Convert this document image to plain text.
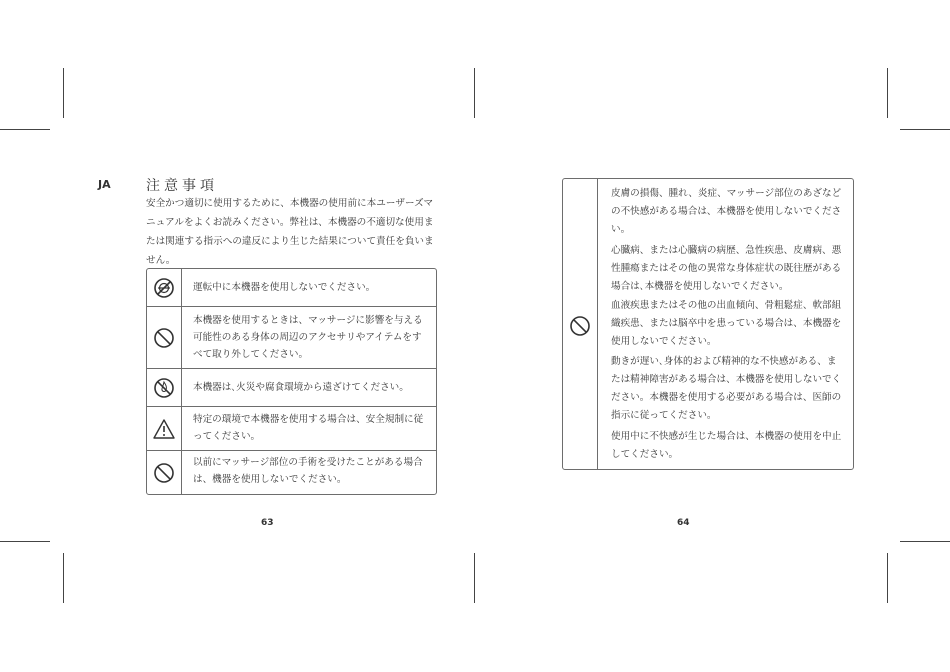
JA	注意事項
安全かつ適切に使用するために、本機器の使用前に本ユーザーズマニュアルをよくお読みください。弊社は、本機器の不適切な使用または関連する指示への違反により生じた結果について責任を負いません。
運転中に本機器を使用しないでください。
本機器を使用するときは、マッサージに影響を与える可能性のある身体の周辺のアクセサリやアイテムをすべて取り外してください。
本機器は､火災や腐食環境から遠ざけてください。
特定の環境で本機器を使用する場合は、安全規制に従ってください。
以前にマッサージ部位の手術を受けたことがある場合は、機器を使用しないでください。
63
皮膚の損傷、腫れ、炎症、マッサージ部位のあざなどの不快感がある場合は、本機器を使用しないでください。
心臓病、または心臓病の病歴、急性疾患、皮膚病、悪性腫瘍またはその他の異常な身体症状の既往歴がある場合は､本機器を使用しないでください。
血液疾患またはその他の出血傾向、骨粗鬆症、軟部組織疾患、または脳卒中を患っている場合は、本機器を使用しないでください。
動きが遅い､身体的および精神的な不快感がある、または精神障害がある場合は、本機器を使用しないでください。本機器を使用する必要がある場合は、医師の指示に従ってください。
使用中に不快感が生じた場合は、本機器の使用を中止してください。
64
